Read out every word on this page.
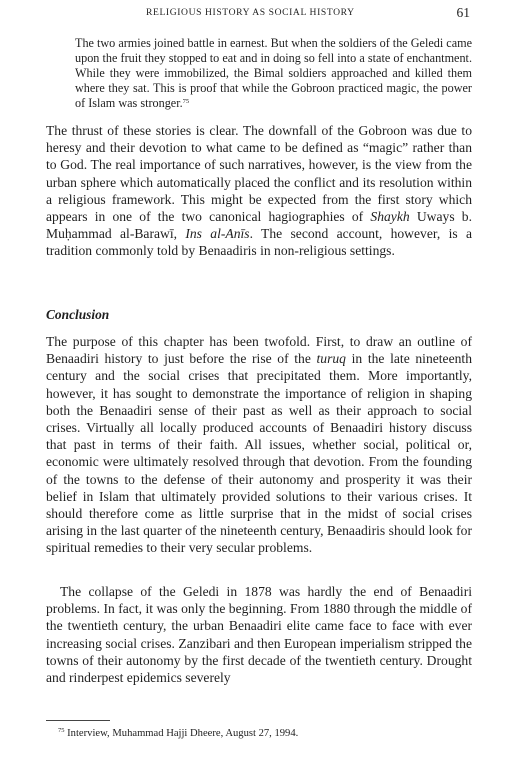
RELIGIOUS HISTORY AS SOCIAL HISTORY	61

The two armies joined battle in earnest. But when the soldiers of the Geledi came upon the fruit they stopped to eat and in doing so fell into a state of enchantment. While they were immobilized, the Bimal soldiers approached and killed them where they sat. This is proof that while the Gobroon practiced magic, the power of Islam was stronger.$^{75}$

The thrust of these stories is clear. The downfall of the Gobroon was due to heresy and their devotion to what came to be defined as “magic” rather than to God. The real importance of such narratives, however, is the view from the urban sphere which automatically placed the conflict and its resolution within a religious framework. This might be expected from the first story which appears in one of the two canonical hagiographies of Shaykh Uways b. Muḥammad al-Barawī, Ins al-Anīs. The second account, however, is a tradition commonly told by Benaadiris in non-religious settings.

Conclusion

The purpose of this chapter has been twofold. First, to draw an outline of Benaadiri history to just before the rise of the turuq in the late nineteenth century and the social crises that precipitated them. More importantly, however, it has sought to demonstrate the importance of religion in shaping both the Benaadiri sense of their past as well as their approach to social crises. Virtually all locally produced accounts of Benaadiri history discuss that past in terms of their faith. All issues, whether social, political or, economic were ultimately resolved through that devotion. From the founding of the towns to the defense of their autonomy and prosperity it was their belief in Islam that ultimately provided solutions to their various crises. It should therefore come as little surprise that in the midst of social crises arising in the last quarter of the nineteenth century, Benaadiris should look for spiritual remedies to their very secular problems.

The collapse of the Geledi in 1878 was hardly the end of Benaadiri problems. In fact, it was only the beginning. From 1880 through the middle of the twentieth century, the urban Benaadiri elite came face to face with ever increasing social crises. Zanzibari and then European imperialism stripped the towns of their autonomy by the first decade of the twentieth century. Drought and rinderpest epidemics severely

$^{75}$ Interview, Muhammad Hajji Dheere, August 27, 1994.
